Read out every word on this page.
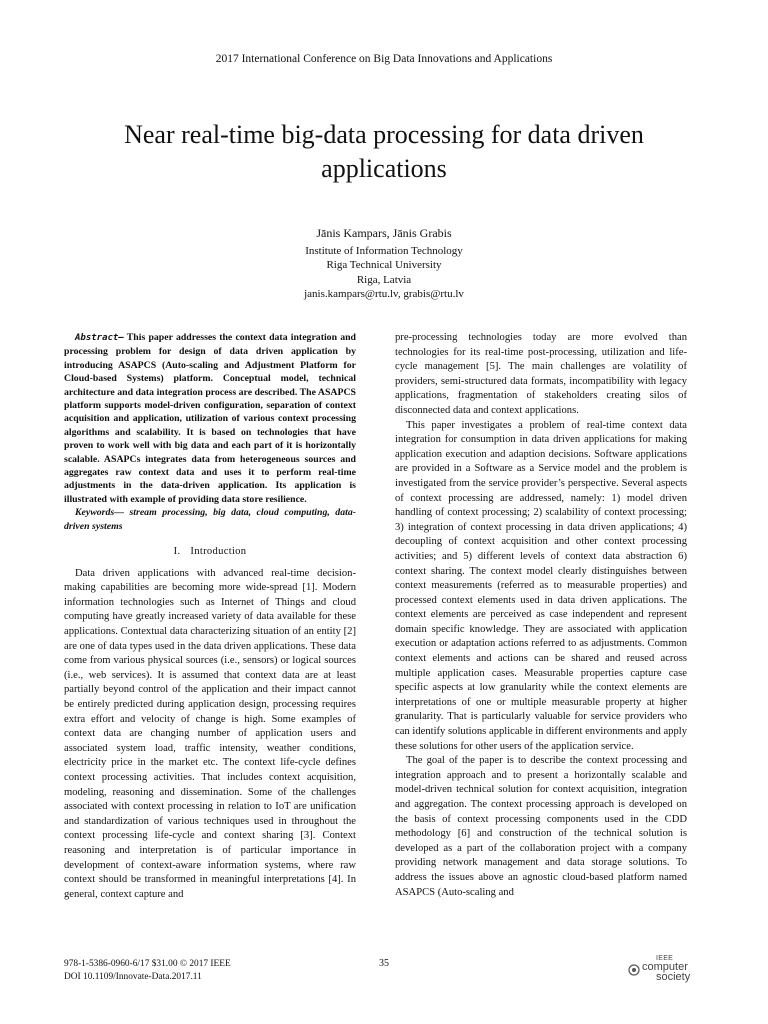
2017 International Conference on Big Data Innovations and Applications
Near real-time big-data processing for data driven
applications
Jānis Kampars, Jānis Grabis
Institute of Information Technology
Riga Technical University
Riga, Latvia
janis.kampars@rtu.lv, grabis@rtu.lv

Abstract— This paper addresses the context data integration and processing problem for design of data driven application by introducing ASAPCS (Auto-scaling and Adjustment Platform for Cloud-based Systems) platform. Conceptual model, technical architecture and data integration process are described. The ASAPCS platform supports model-driven configuration, separation of context acquisition and application, utilization of various context processing algorithms and scalability. It is based on technologies that have proven to work well with big data and each part of it is horizontally scalable. ASAPCs integrates data from heterogeneous sources and aggregates raw context data and uses it to perform real-time adjustments in the data-driven application. Its application is illustrated with example of providing data store resilience.

Keywords— stream processing, big data, cloud computing, data-driven systems

I. Introduction

Data driven applications with advanced real-time decision-making capabilities are becoming more wide-spread [1]. Modern information technologies such as Internet of Things and cloud computing have greatly increased variety of data available for these applications. Contextual data characterizing situation of an entity [2] are one of data types used in the data driven applications. These data come from various physical sources (i.e., sensors) or logical sources (i.e., web services). It is assumed that context data are at least partially beyond control of the application and their impact cannot be entirely predicted during application design, processing requires extra effort and velocity of change is high. Some examples of context data are changing number of application users and associated system load, traffic intensity, weather conditions, electricity price in the market etc. The context life-cycle defines context processing activities. That includes context acquisition, modeling, reasoning and dissemination. Some of the challenges associated with context processing in relation to IoT are unification and standardization of various techniques used in throughout the context processing life-cycle and context sharing [3]. Context reasoning and interpretation is of particular importance in development of context-aware information systems, where raw context should be transformed in meaningful interpretations [4]. In general, context capture and

pre-processing technologies today are more evolved than technologies for its real-time post-processing, utilization and life-cycle management [5]. The main challenges are volatility of providers, semi-structured data formats, incompatibility with legacy applications, fragmentation of stakeholders creating silos of disconnected data and context applications.

This paper investigates a problem of real-time context data integration for consumption in data driven applications for making application execution and adaption decisions. Software applications are provided in a Software as a Service model and the problem is investigated from the service provider’s perspective. Several aspects of context processing are addressed, namely: 1) model driven handling of context processing; 2) scalability of context processing; 3) integration of context processing in data driven applications; 4) decoupling of context acquisition and other context processing activities; and 5) different levels of context data abstraction 6) context sharing. The context model clearly distinguishes between context measurements (referred as to measurable properties) and processed context elements used in data driven applications. The context elements are perceived as case independent and represent domain specific knowledge. They are associated with application execution or adaptation actions referred to as adjustments. Common context elements and actions can be shared and reused across multiple application cases. Measurable properties capture case specific aspects at low granularity while the context elements are interpretations of one or multiple measurable property at higher granularity. That is particularly valuable for service providers who can identify solutions applicable in different environments and apply these solutions for other users of the application service.

The goal of the paper is to describe the context processing and integration approach and to present a horizontally scalable and model-driven technical solution for context acquisition, integration and aggregation. The context processing approach is developed on the basis of context processing components used in the CDD methodology [6] and construction of the technical solution is developed as a part of the collaboration project with a company providing network management and data storage solutions. To address the issues above an agnostic cloud-based platform named ASAPCS (Auto-scaling and

978-1-5386-0960-6/17 $31.00 © 2017 IEEE
DOI 10.1109/Innovate-Data.2017.11
35	IEEE
computer
society
